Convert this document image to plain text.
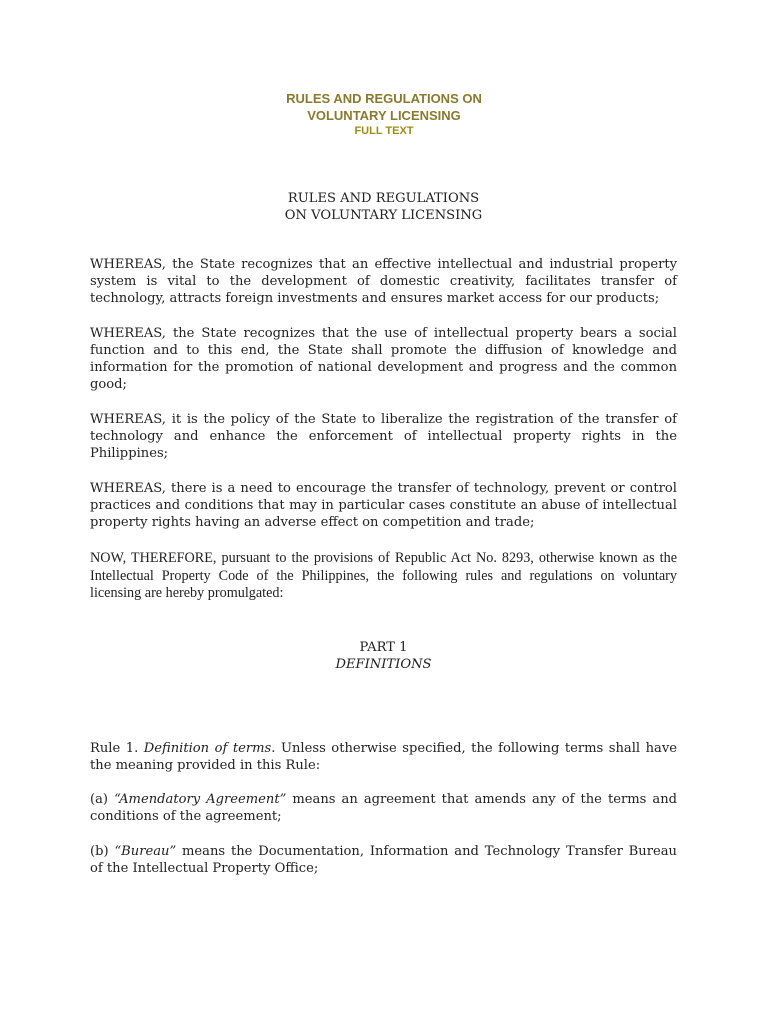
RULES AND REGULATIONS ON
VOLUNTARY LICENSING
FULL TEXT
RULES AND REGULATIONS
ON VOLUNTARY LICENSING

WHEREAS, the State recognizes that an effective intellectual and industrial property system is vital to the development of domestic creativity, facilitates transfer of technology, attracts foreign investments and ensures market access for our products;

WHEREAS, the State recognizes that the use of intellectual property bears a social function and to this end, the State shall promote the diffusion of knowledge and information for the promotion of national development and progress and the common good;

WHEREAS, it is the policy of the State to liberalize the registration of the transfer of technology and enhance the enforcement of intellectual property rights in the Philippines;

WHEREAS, there is a need to encourage the transfer of technology, prevent or control practices and conditions that may in particular cases constitute an abuse of intellectual property rights having an adverse effect on competition and trade;

NOW, THEREFORE, pursuant to the provisions of Republic Act No. 8293, otherwise known as the Intellectual Property Code of the Philippines, the following rules and regulations on voluntary licensing are hereby promulgated:

PART 1
DEFINITIONS

Rule 1. Definition of terms. Unless otherwise specified, the following terms shall have the meaning provided in this Rule:

(a) “Amendatory Agreement” means an agreement that amends any of the terms and conditions of the agreement;

(b) “Bureau” means the Documentation, Information and Technology Transfer Bureau of the Intellectual Property Office;
